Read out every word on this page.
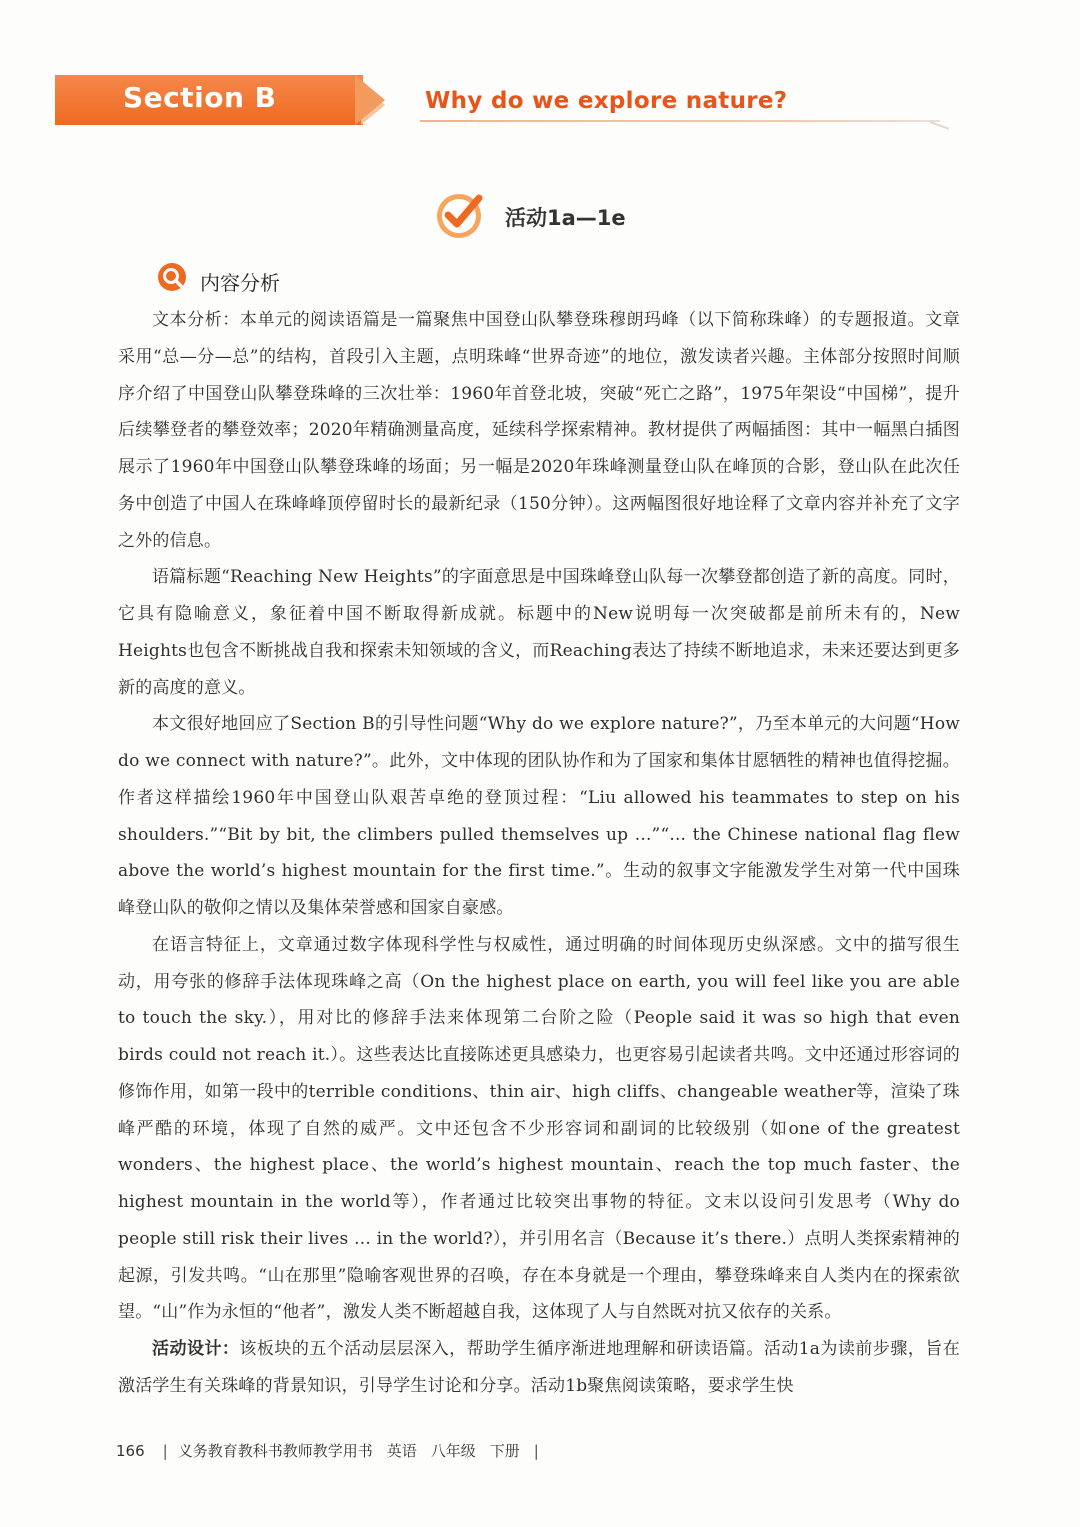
Section B	Why do we explore nature?
活动1a—1e
内容分析

文本分析：本单元的阅读语篇是一篇聚焦中国登山队攀登珠穆朗玛峰（以下简称珠峰）的专题报道。文章采用“总—分—总”的结构，首段引入主题，点明珠峰“世界奇迹”的地位，激发读者兴趣。主体部分按照时间顺序介绍了中国登山队攀登珠峰的三次壮举：1960年首登北坡，突破“死亡之路”，1975年架设“中国梯”，提升后续攀登者的攀登效率；2020年精确测量高度，延续科学探索精神。教材提供了两幅插图：其中一幅黑白插图展示了1960年中国登山队攀登珠峰的场面；另一幅是2020年珠峰测量登山队在峰顶的合影，登山队在此次任务中创造了中国人在珠峰峰顶停留时长的最新纪录（150分钟）。这两幅图很好地诠释了文章内容并补充了文字之外的信息。

语篇标题“Reaching New Heights”的字面意思是中国珠峰登山队每一次攀登都创造了新的高度。同时，它具有隐喻意义，象征着中国不断取得新成就。标题中的New说明每一次突破都是前所未有的，New Heights也包含不断挑战自我和探索未知领域的含义，而Reaching表达了持续不断地追求，未来还要达到更多新的高度的意义。

本文很好地回应了Section B的引导性问题“Why do we explore nature?”，乃至本单元的大问题“How do we connect with nature?”。此外，文中体现的团队协作和为了国家和集体甘愿牺牲的精神也值得挖掘。作者这样描绘1960年中国登山队艰苦卓绝的登顶过程：“Liu allowed his teammates to step on his shoulders.”“Bit by bit, the climbers pulled themselves up ...”“... the Chinese national flag flew above the world’s highest mountain for the first time.”。生动的叙事文字能激发学生对第一代中国珠峰登山队的敬仰之情以及集体荣誉感和国家自豪感。

在语言特征上，文章通过数字体现科学性与权威性，通过明确的时间体现历史纵深感。文中的描写很生动，用夸张的修辞手法体现珠峰之高（On the highest place on earth, you will feel like you are able to touch the sky.），用对比的修辞手法来体现第二台阶之险（People said it was so high that even birds could not reach it.）。这些表达比直接陈述更具感染力，也更容易引起读者共鸣。文中还通过形容词的修饰作用，如第一段中的terrible conditions、thin air、high cliffs、changeable weather等，渲染了珠峰严酷的环境，体现了自然的威严。文中还包含不少形容词和副词的比较级别（如one of the greatest wonders、the highest place、the world’s highest mountain、reach the top much faster、the highest mountain in the world等），作者通过比较突出事物的特征。文末以设问引发思考（Why do people still risk their lives ... in the world?），并引用名言（Because it’s there.）点明人类探索精神的起源，引发共鸣。“山在那里”隐喻客观世界的召唤，存在本身就是一个理由，攀登珠峰来自人类内在的探索欲望。“山”作为永恒的“他者”，激发人类不断超越自我，这体现了人与自然既对抗又依存的关系。

活动设计：该板块的五个活动层层深入，帮助学生循序渐进地理解和研读语篇。活动1a为读前步骤，旨在激活学生有关珠峰的背景知识，引导学生讨论和分享。活动1b聚焦阅读策略，要求学生快

166 | 义务教育教科书教师教学用书 英语 八年级 下册 |
